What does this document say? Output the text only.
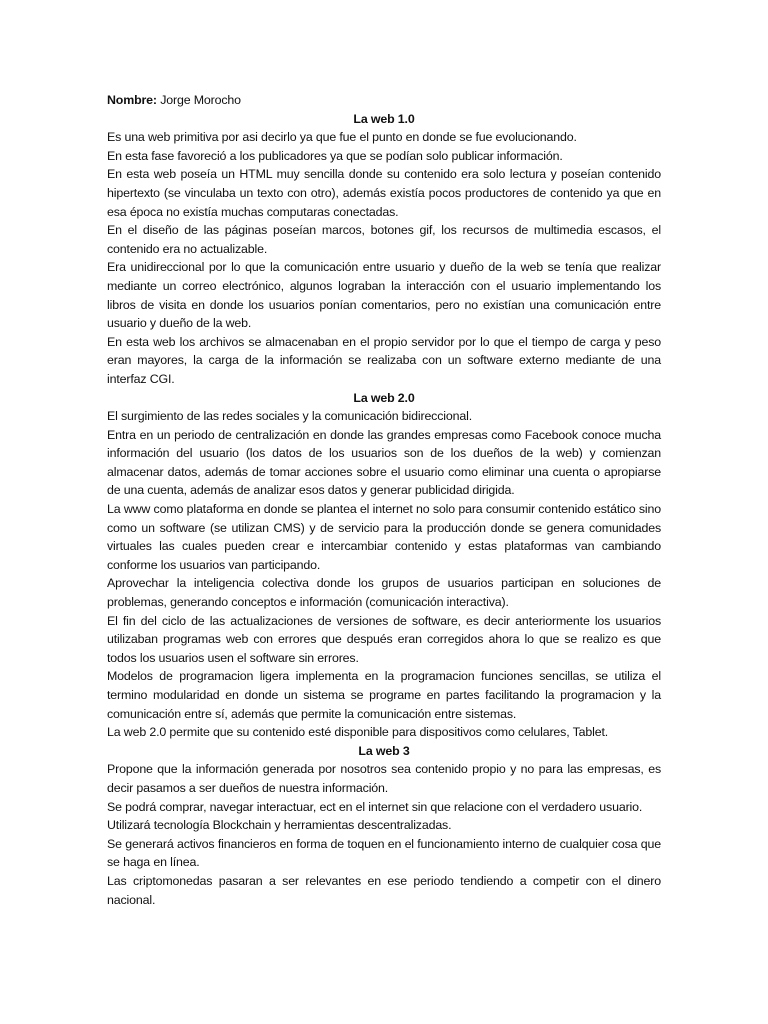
Nombre: Jorge Morocho
La web 1.0

Es una web primitiva por asi decirlo ya que fue el punto en donde se fue evolucionando.

En esta fase favoreció a los publicadores ya que se podían solo publicar información.

En esta web poseía un HTML muy sencilla donde su contenido era solo lectura y poseían contenido hipertexto (se vinculaba un texto con otro), además existía pocos productores de contenido ya que en esa época no existía muchas computaras conectadas.

En el diseño de las páginas poseían marcos, botones gif, los recursos de multimedia escasos, el contenido era no actualizable.

Era unidireccional por lo que la comunicación entre usuario y dueño de la web se tenía que realizar mediante un correo electrónico, algunos lograban la interacción con el usuario implementando los libros de visita en donde los usuarios ponían comentarios, pero no existían una comunicación entre usuario y dueño de la web.

En esta web los archivos se almacenaban en el propio servidor por lo que el tiempo de carga y peso eran mayores, la carga de la información se realizaba con un software externo mediante de una interfaz CGI.

La web 2.0

El surgimiento de las redes sociales y la comunicación bidireccional.

Entra en un periodo de centralización en donde las grandes empresas como Facebook conoce mucha información del usuario (los datos de los usuarios son de los dueños de la web) y comienzan almacenar datos, además de tomar acciones sobre el usuario como eliminar una cuenta o apropiarse de una cuenta, además de analizar esos datos y generar publicidad dirigida.

La www como plataforma en donde se plantea el internet no solo para consumir contenido estático sino como un software (se utilizan CMS) y de servicio para la producción donde se genera comunidades virtuales las cuales pueden crear e intercambiar contenido y estas plataformas van cambiando conforme los usuarios van participando.

Aprovechar la inteligencia colectiva donde los grupos de usuarios participan en soluciones de problemas, generando conceptos e información (comunicación interactiva).

El fin del ciclo de las actualizaciones de versiones de software, es decir anteriormente los usuarios utilizaban programas web con errores que después eran corregidos ahora lo que se realizo es que todos los usuarios usen el software sin errores.

Modelos de programacion ligera implementa en la programacion funciones sencillas, se utiliza el termino modularidad en donde un sistema se programe en partes facilitando la programacion y la comunicación entre sí, además que permite la comunicación entre sistemas.

La web 2.0 permite que su contenido esté disponible para dispositivos como celulares, Tablet.

La web 3

Propone que la información generada por nosotros sea contenido propio y no para las empresas, es decir pasamos a ser dueños de nuestra información.

Se podrá comprar, navegar interactuar, ect en el internet sin que relacione con el verdadero usuario.

Utilizará tecnología Blockchain y herramientas descentralizadas.

Se generará activos financieros en forma de toquen en el funcionamiento interno de cualquier cosa que se haga en línea.

Las criptomonedas pasaran a ser relevantes en ese periodo tendiendo a competir con el dinero nacional.
